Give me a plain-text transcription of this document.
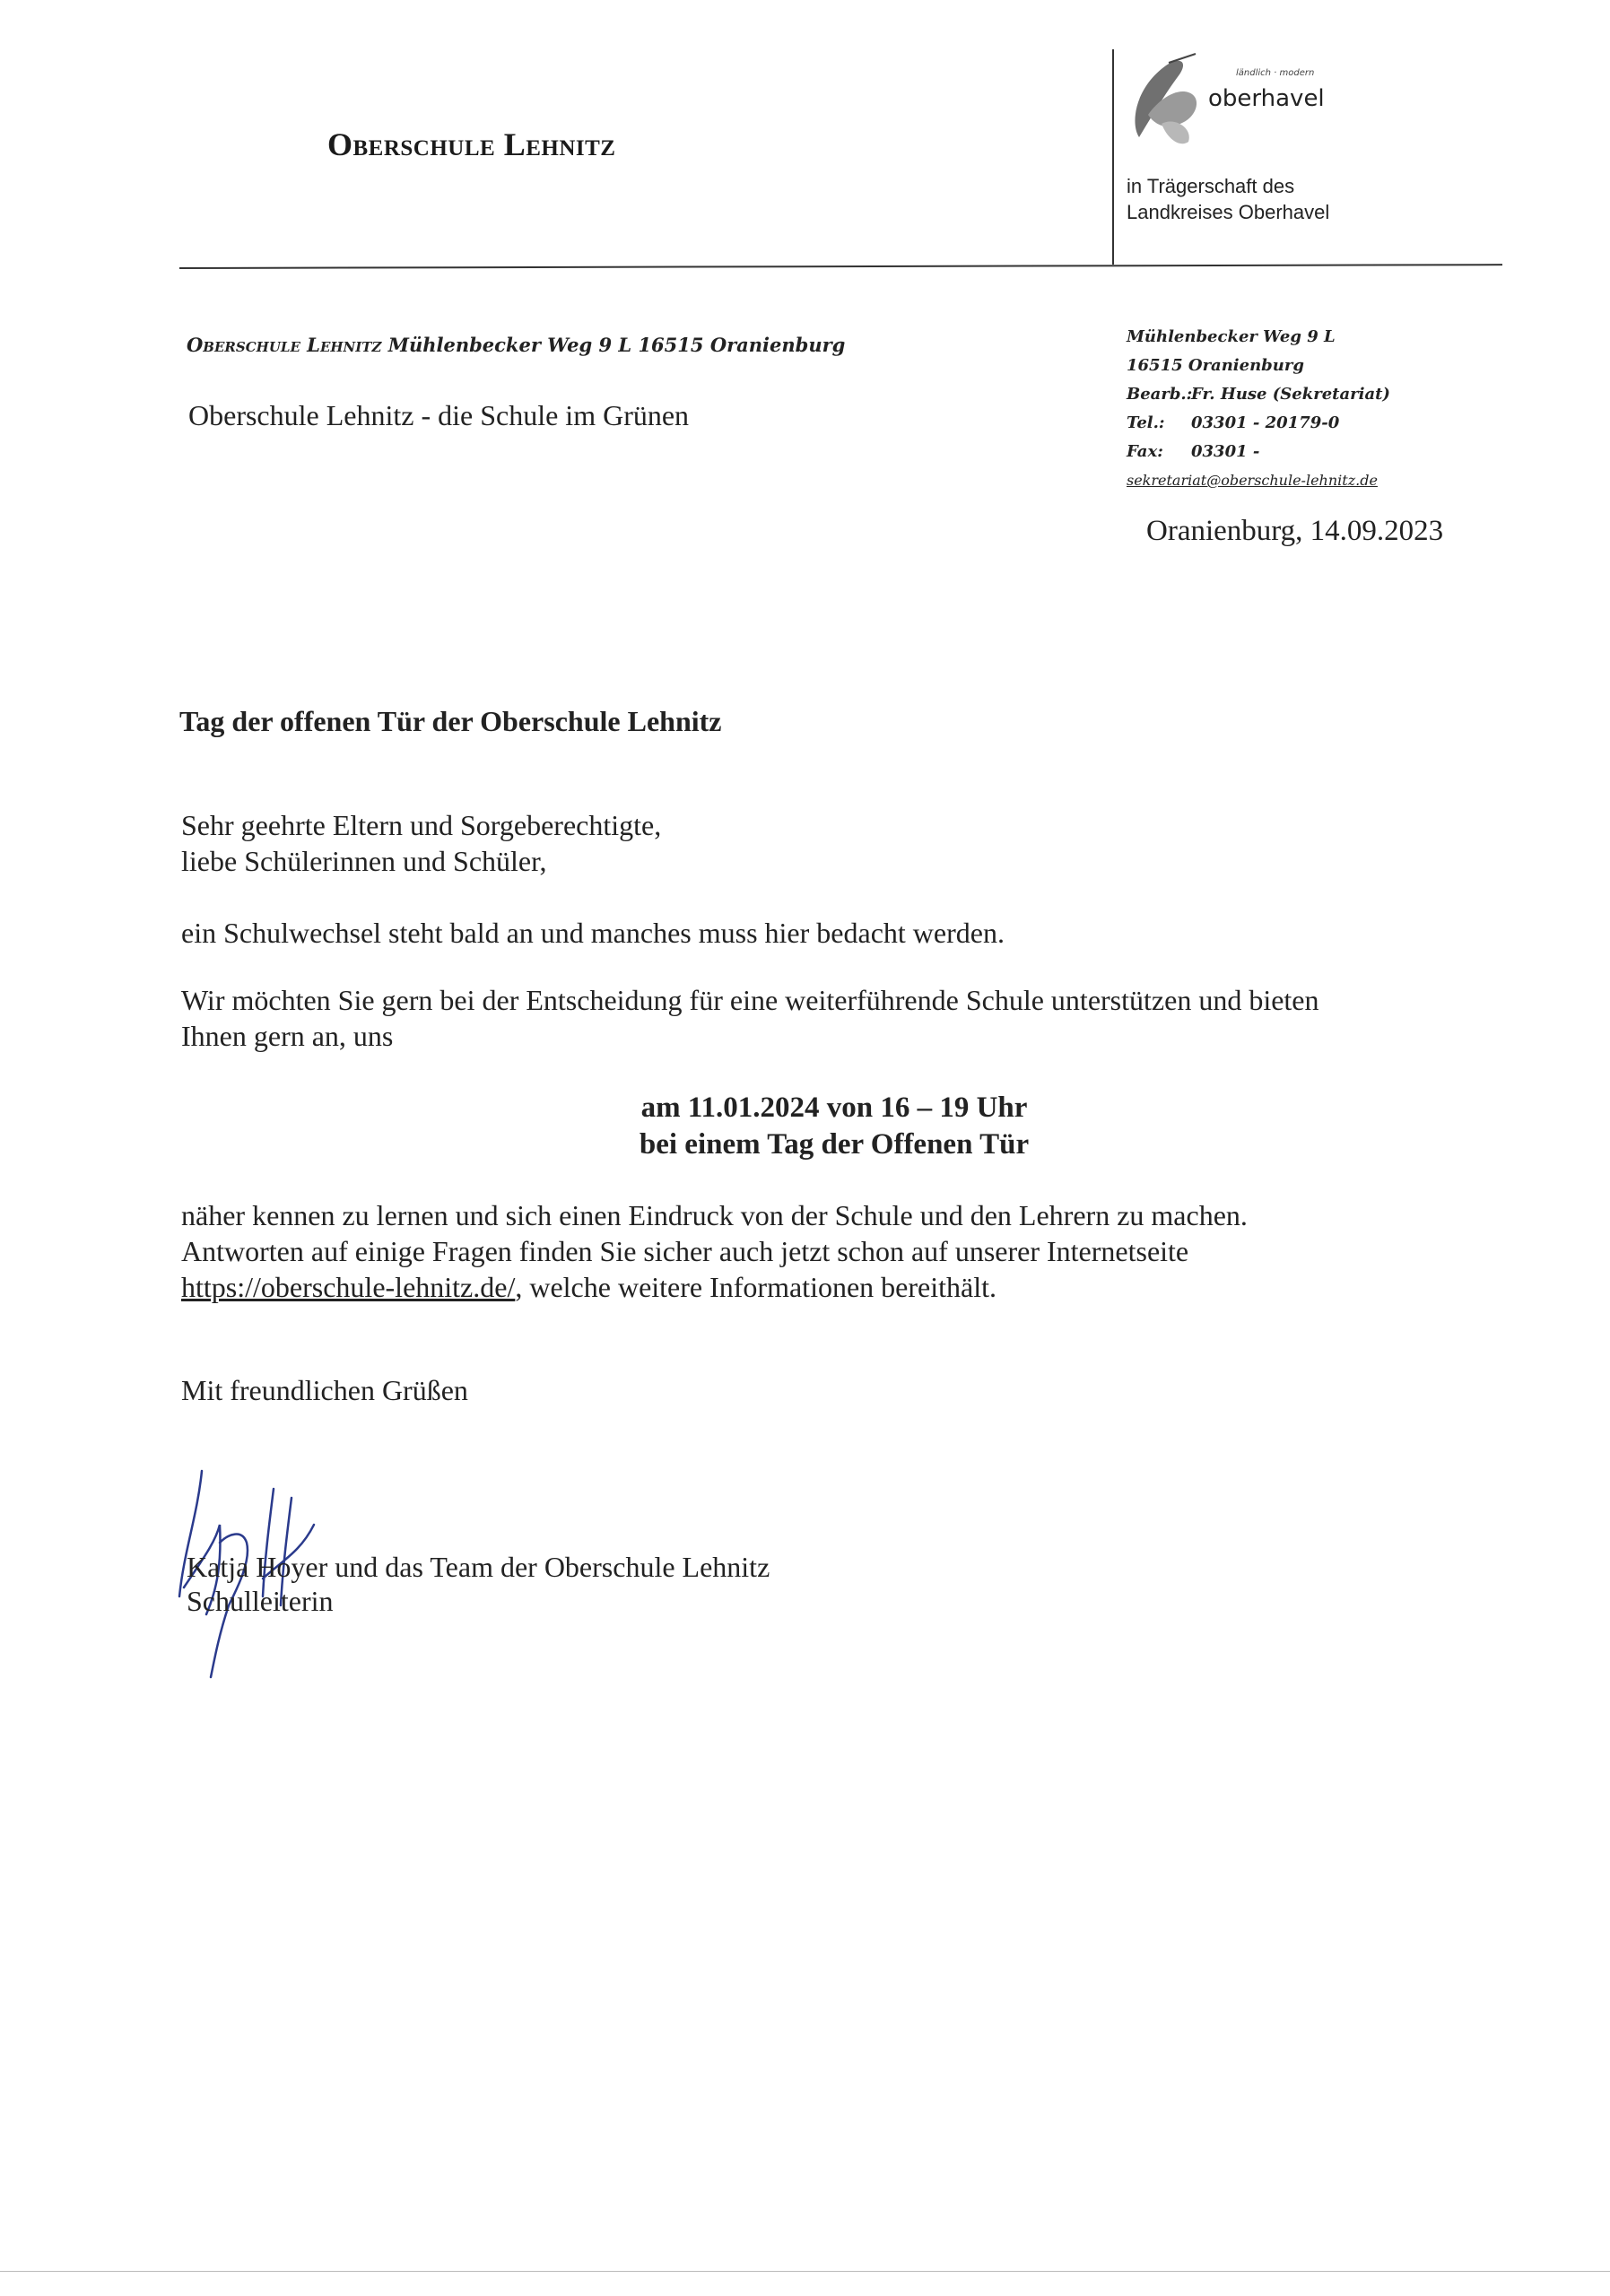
Oberschule Lehnitz
ländlich · modern
oberhavel
in Trägerschaft des
Landkreises Oberhavel
Oberschule Lehnitz Mühlenbecker Weg 9 L 16515 Oranienburg
Oberschule Lehnitz - die Schule im Grünen
Mühlenbecker Weg 9 L
16515 Oranienburg
Bearb.:Fr. Huse (Sekretariat)
Tel.: 03301 - 20179-0
Fax: 03301 -
sekretariat@oberschule-lehnitz.de
Oranienburg, 14.09.2023
Tag der offenen Tür der Oberschule Lehnitz
Sehr geehrte Eltern und Sorgeberechtigte,
liebe Schülerinnen und Schüler,
ein Schulwechsel steht bald an und manches muss hier bedacht werden.
Wir möchten Sie gern bei der Entscheidung für eine weiterführende Schule unterstützen und bieten
Ihnen gern an, uns
am 11.01.2024 von 16 – 19 Uhr
bei einem Tag der Offenen Tür
näher kennen zu lernen und sich einen Eindruck von der Schule und den Lehrern zu machen.
Antworten auf einige Fragen finden Sie sicher auch jetzt schon auf unserer Internetseite
https://oberschule-lehnitz.de/, welche weitere Informationen bereithält.
Mit freundlichen Grüßen
Katja Hoyer und das Team der Oberschule Lehnitz
Schulleiterin
